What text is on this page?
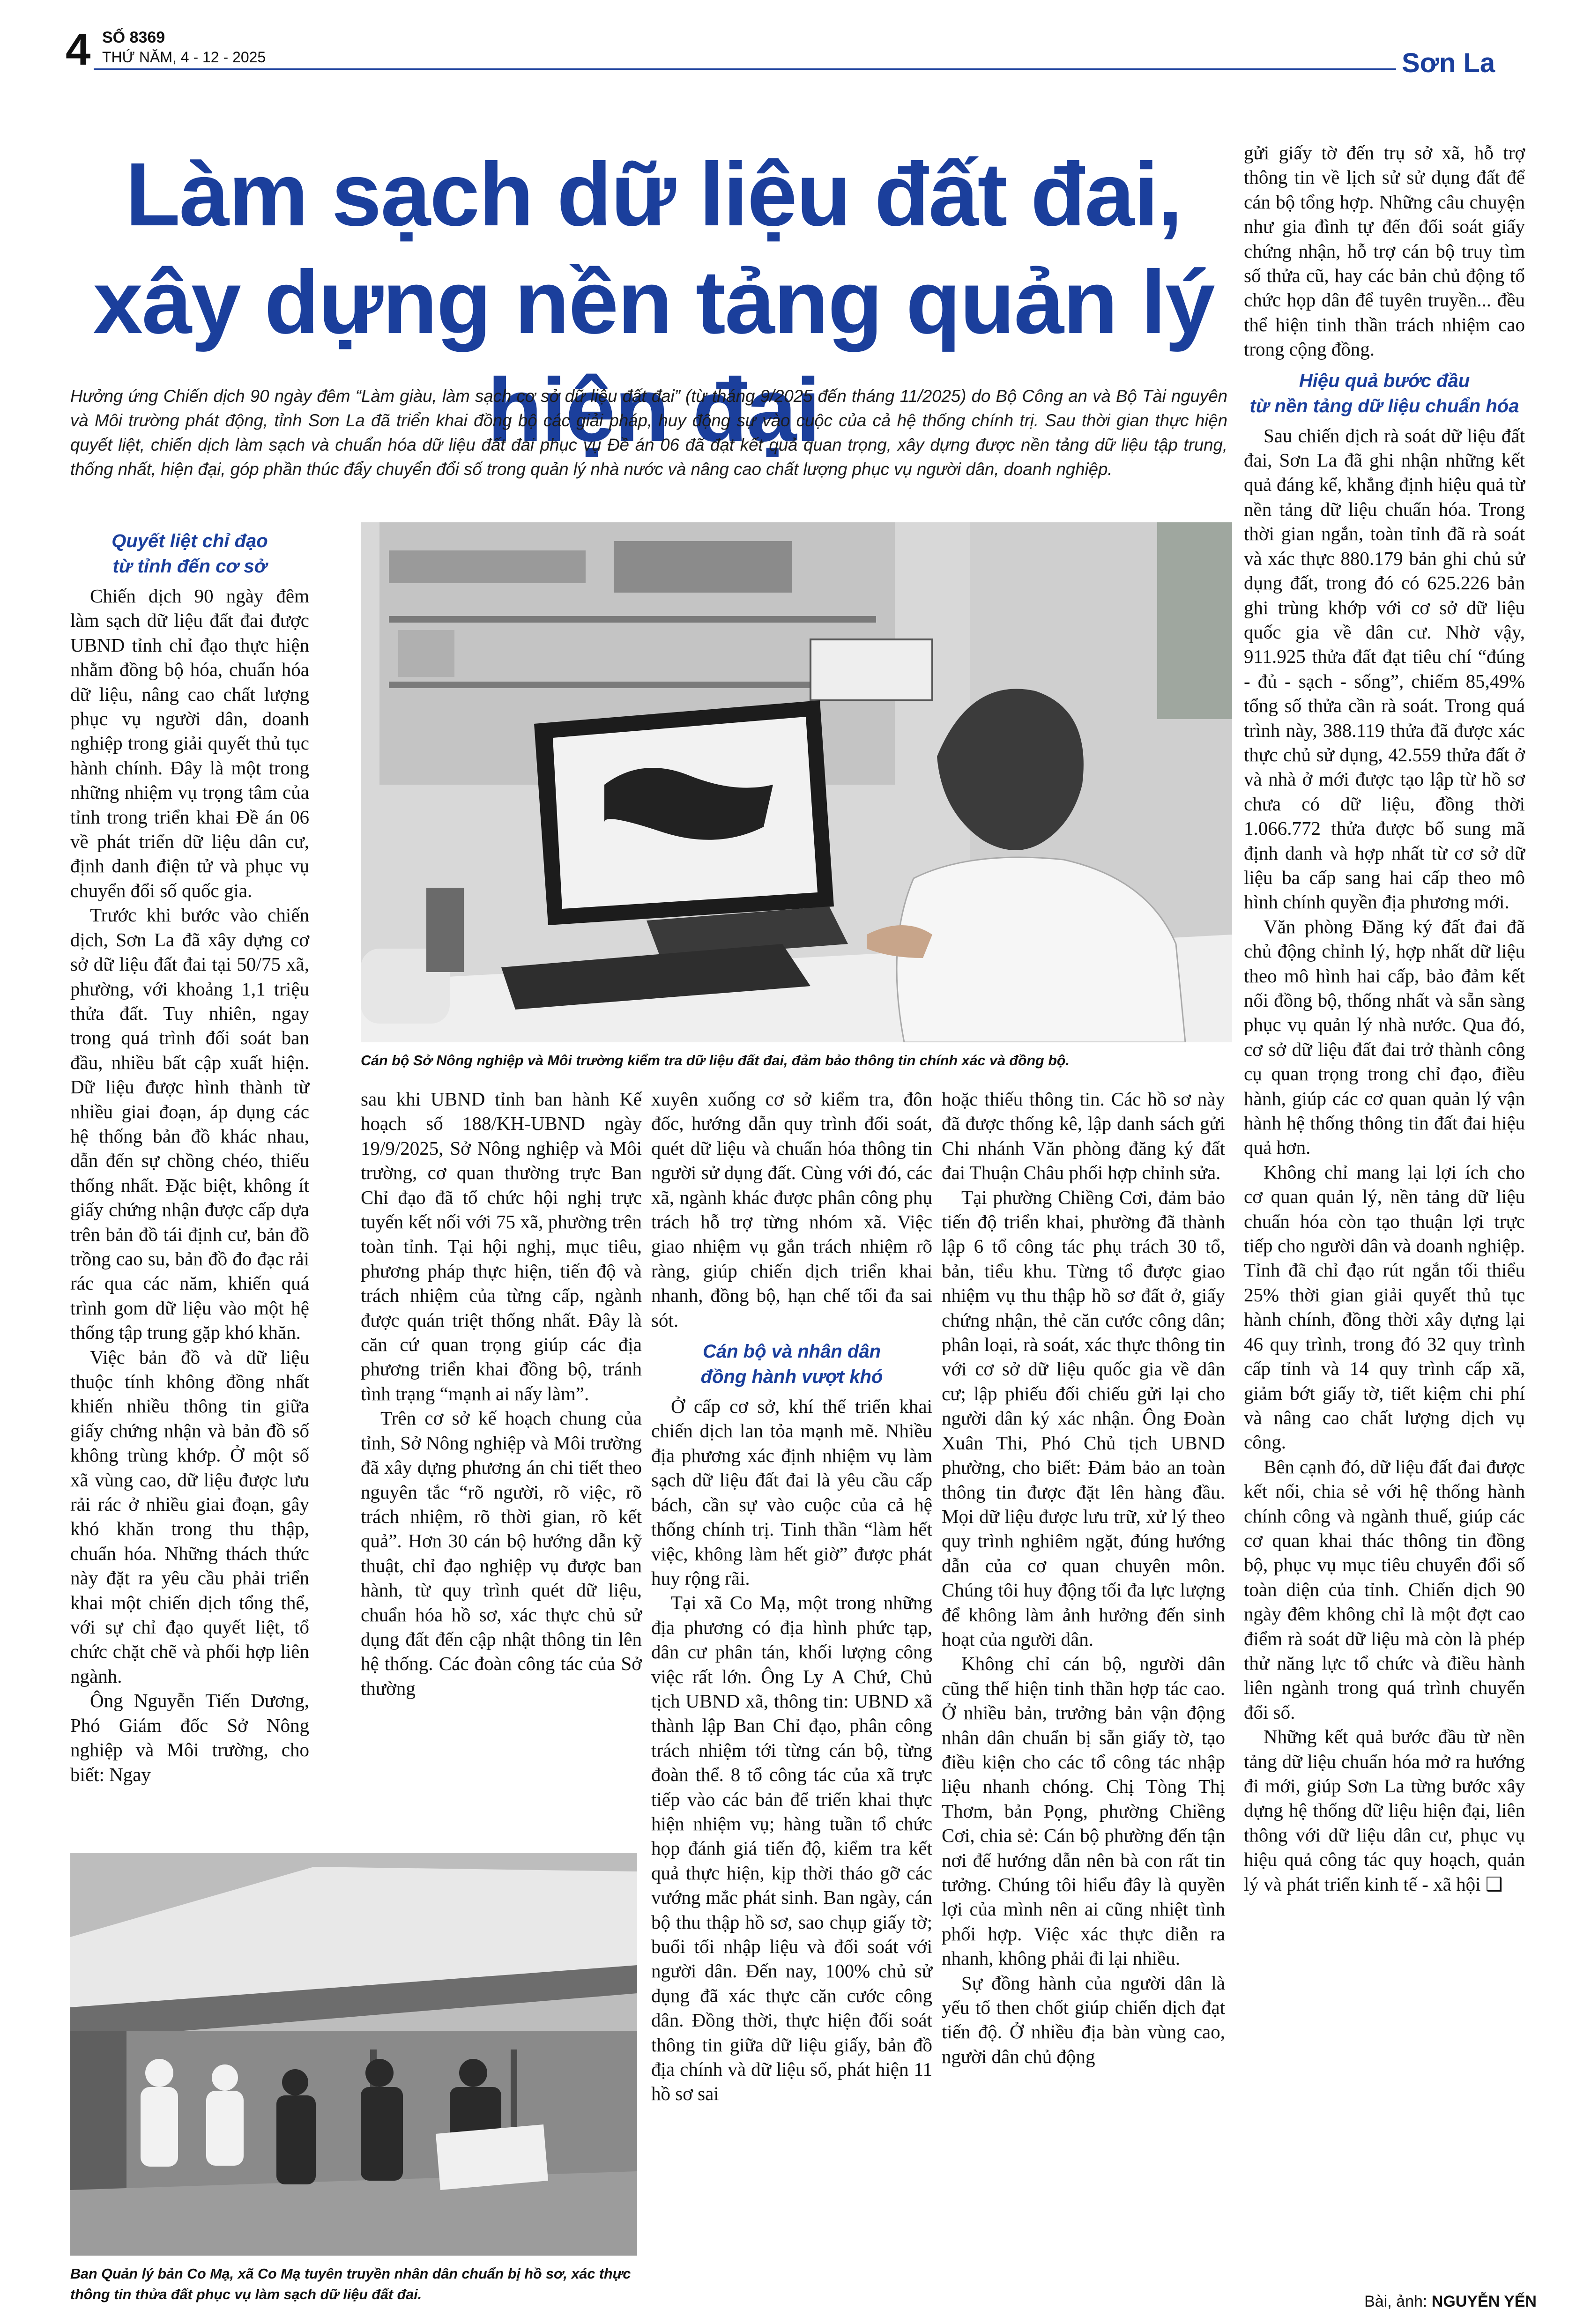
4 SỐ 8369
THỨ NĂM, 4 - 12 - 2025	Sơn La
Làm sạch dữ liệu đất đai,
xây dựng nền tảng quản lý hiện đại
Hưởng ứng Chiến dịch 90 ngày đêm “Làm giàu, làm sạch cơ sở dữ liệu đất đai” (từ tháng 9/2025 đến tháng 11/2025) do Bộ Công an và Bộ Tài nguyên và Môi trường phát động, tỉnh Sơn La đã triển khai đồng bộ các giải pháp, huy động sự vào cuộc của cả hệ thống chính trị. Sau thời gian thực hiện quyết liệt, chiến dịch làm sạch và chuẩn hóa dữ liệu đất đai phục vụ Đề án 06 đã đạt kết quả quan trọng, xây dựng được nền tảng dữ liệu tập trung, thống nhất, hiện đại, góp phần thúc đẩy chuyển đổi số trong quản lý nhà nước và nâng cao chất lượng phục vụ người dân, doanh nghiệp.
Quyết liệt chỉ đạo
từ tỉnh đến cơ sở

Chiến dịch 90 ngày đêm làm sạch dữ liệu đất đai được UBND tỉnh chỉ đạo thực hiện nhằm đồng bộ hóa, chuẩn hóa dữ liệu, nâng cao chất lượng phục vụ người dân, doanh nghiệp trong giải quyết thủ tục hành chính. Đây là một trong những nhiệm vụ trọng tâm của tỉnh trong triển khai Đề án 06 về phát triển dữ liệu dân cư, định danh điện tử và phục vụ chuyển đổi số quốc gia.

Trước khi bước vào chiến dịch, Sơn La đã xây dựng cơ sở dữ liệu đất đai tại 50/75 xã, phường, với khoảng 1,1 triệu thửa đất. Tuy nhiên, ngay trong quá trình đối soát ban đầu, nhiều bất cập xuất hiện. Dữ liệu được hình thành từ nhiều giai đoạn, áp dụng các hệ thống bản đồ khác nhau, dẫn đến sự chồng chéo, thiếu thống nhất. Đặc biệt, không ít giấy chứng nhận được cấp dựa trên bản đồ tái định cư, bản đồ trồng cao su, bản đồ đo đạc rải rác qua các năm, khiến quá trình gom dữ liệu vào một hệ thống tập trung gặp khó khăn.

Việc bản đồ và dữ liệu thuộc tính không đồng nhất khiến nhiều thông tin giữa giấy chứng nhận và bản đồ số không trùng khớp. Ở một số xã vùng cao, dữ liệu được lưu rải rác ở nhiều giai đoạn, gây khó khăn trong thu thập, chuẩn hóa. Những thách thức này đặt ra yêu cầu phải triển khai một chiến dịch tổng thể, với sự chỉ đạo quyết liệt, tổ chức chặt chẽ và phối hợp liên ngành.

Ông Nguyễn Tiến Dương, Phó Giám đốc Sở Nông nghiệp và Môi trường, cho biết: Ngay

Cán bộ Sở Nông nghiệp và Môi trường kiểm tra dữ liệu đất đai, đảm bảo thông tin chính xác và đồng bộ.

sau khi UBND tỉnh ban hành Kế hoạch số 188/KH-UBND ngày 19/9/2025, Sở Nông nghiệp và Môi trường, cơ quan thường trực Ban Chỉ đạo đã tổ chức hội nghị trực tuyến kết nối với 75 xã, phường trên toàn tỉnh. Tại hội nghị, mục tiêu, phương pháp thực hiện, tiến độ và trách nhiệm của từng cấp, ngành được quán triệt thống nhất. Đây là căn cứ quan trọng giúp các địa phương triển khai đồng bộ, tránh tình trạng “mạnh ai nấy làm”.

Trên cơ sở kế hoạch chung của tỉnh, Sở Nông nghiệp và Môi trường đã xây dựng phương án chi tiết theo nguyên tắc “rõ người, rõ việc, rõ trách nhiệm, rõ thời gian, rõ kết quả”. Hơn 30 cán bộ hướng dẫn kỹ thuật, chỉ đạo nghiệp vụ được ban hành, từ quy trình quét dữ liệu, chuẩn hóa hồ sơ, xác thực chủ sử dụng đất đến cập nhật thông tin lên hệ thống. Các đoàn công tác của Sở thường

xuyên xuống cơ sở kiểm tra, đôn đốc, hướng dẫn quy trình đối soát, quét dữ liệu và chuẩn hóa thông tin người sử dụng đất. Cùng với đó, các xã, ngành khác được phân công phụ trách hỗ trợ từng nhóm xã. Việc giao nhiệm vụ gắn trách nhiệm rõ ràng, giúp chiến dịch triển khai nhanh, đồng bộ, hạn chế tối đa sai sót.

Cán bộ và nhân dân
đồng hành vượt khó

Ở cấp cơ sở, khí thế triển khai chiến dịch lan tỏa mạnh mẽ. Nhiều địa phương xác định nhiệm vụ làm sạch dữ liệu đất đai là yêu cầu cấp bách, cần sự vào cuộc của cả hệ thống chính trị. Tinh thần “làm hết việc, không làm hết giờ” được phát huy rộng rãi.

Tại xã Co Mạ, một trong những địa phương có địa hình phức tạp, dân cư phân tán, khối lượng công việc rất lớn. Ông Ly A Chứ, Chủ tịch UBND xã, thông tin: UBND xã thành lập Ban Chỉ đạo, phân công trách nhiệm tới từng cán bộ, từng đoàn thể. 8 tổ công tác của xã trực tiếp vào các bản để triển khai thực hiện nhiệm vụ; hàng tuần tổ chức họp đánh giá tiến độ, kiểm tra kết quả thực hiện, kịp thời tháo gỡ các vướng mắc phát sinh. Ban ngày, cán bộ thu thập hồ sơ, sao chụp giấy tờ; buổi tối nhập liệu và đối soát với người dân. Đến nay, 100% chủ sử dụng đã xác thực căn cước công dân. Đồng thời, thực hiện đối soát thông tin giữa dữ liệu giấy, bản đồ địa chính và dữ liệu số, phát hiện 11 hồ sơ sai

hoặc thiếu thông tin. Các hồ sơ này đã được thống kê, lập danh sách gửi Chi nhánh Văn phòng đăng ký đất đai Thuận Châu phối hợp chỉnh sửa.

Tại phường Chiềng Cơi, đảm bảo tiến độ triển khai, phường đã thành lập 6 tổ công tác phụ trách 30 tổ, bản, tiểu khu. Từng tổ được giao nhiệm vụ thu thập hồ sơ đất ở, giấy chứng nhận, thẻ căn cước công dân; phân loại, rà soát, xác thực thông tin với cơ sở dữ liệu quốc gia về dân cư; lập phiếu đối chiếu gửi lại cho người dân ký xác nhận. Ông Đoàn Xuân Thi, Phó Chủ tịch UBND phường, cho biết: Đảm bảo an toàn thông tin được đặt lên hàng đầu. Mọi dữ liệu được lưu trữ, xử lý theo quy trình nghiêm ngặt, đúng hướng dẫn của cơ quan chuyên môn. Chúng tôi huy động tối đa lực lượng để không làm ảnh hưởng đến sinh hoạt của người dân.

Không chỉ cán bộ, người dân cũng thể hiện tinh thần hợp tác cao. Ở nhiều bản, trưởng bản vận động nhân dân chuẩn bị sẵn giấy tờ, tạo điều kiện cho các tổ công tác nhập liệu nhanh chóng. Chị Tòng Thị Thơm, bản Pọng, phường Chiềng Cơi, chia sẻ: Cán bộ phường đến tận nơi để hướng dẫn nên bà con rất tin tưởng. Chúng tôi hiểu đây là quyền lợi của mình nên ai cũng nhiệt tình phối hợp. Việc xác thực diễn ra nhanh, không phải đi lại nhiều.

Sự đồng hành của người dân là yếu tố then chốt giúp chiến dịch đạt tiến độ. Ở nhiều địa bàn vùng cao, người dân chủ động

gửi giấy tờ đến trụ sở xã, hỗ trợ thông tin về lịch sử sử dụng đất để cán bộ tổng hợp. Những câu chuyện như gia đình tự đến đối soát giấy chứng nhận, hỗ trợ cán bộ truy tìm số thửa cũ, hay các bản chủ động tổ chức họp dân để tuyên truyền... đều thể hiện tinh thần trách nhiệm cao trong cộng đồng.

Hiệu quả bước đầu
từ nền tảng dữ liệu chuẩn hóa

Sau chiến dịch rà soát dữ liệu đất đai, Sơn La đã ghi nhận những kết quả đáng kể, khẳng định hiệu quả từ nền tảng dữ liệu chuẩn hóa. Trong thời gian ngắn, toàn tỉnh đã rà soát và xác thực 880.179 bản ghi chủ sử dụng đất, trong đó có 625.226 bản ghi trùng khớp với cơ sở dữ liệu quốc gia về dân cư. Nhờ vậy, 911.925 thửa đất đạt tiêu chí “đúng - đủ - sạch - sống”, chiếm 85,49% tổng số thửa cần rà soát. Trong quá trình này, 388.119 thửa đã được xác thực chủ sử dụng, 42.559 thửa đất ở và nhà ở mới được tạo lập từ hồ sơ chưa có dữ liệu, đồng thời 1.066.772 thửa được bổ sung mã định danh và hợp nhất từ cơ sở dữ liệu ba cấp sang hai cấp theo mô hình chính quyền địa phương mới.

Văn phòng Đăng ký đất đai đã chủ động chỉnh lý, hợp nhất dữ liệu theo mô hình hai cấp, bảo đảm kết nối đồng bộ, thống nhất và sẵn sàng phục vụ quản lý nhà nước. Qua đó, cơ sở dữ liệu đất đai trở thành công cụ quan trọng trong chỉ đạo, điều hành, giúp các cơ quan quản lý vận hành hệ thống thông tin đất đai hiệu quả hơn.

Không chỉ mang lại lợi ích cho cơ quan quản lý, nền tảng dữ liệu chuẩn hóa còn tạo thuận lợi trực tiếp cho người dân và doanh nghiệp. Tỉnh đã chỉ đạo rút ngắn tối thiểu 25% thời gian giải quyết thủ tục hành chính, đồng thời xây dựng lại 46 quy trình, trong đó 32 quy trình cấp tỉnh và 14 quy trình cấp xã, giảm bớt giấy tờ, tiết kiệm chi phí và nâng cao chất lượng dịch vụ công.

Bên cạnh đó, dữ liệu đất đai được kết nối, chia sẻ với hệ thống hành chính công và ngành thuế, giúp các cơ quan khai thác thông tin đồng bộ, phục vụ mục tiêu chuyển đổi số toàn diện của tỉnh. Chiến dịch 90 ngày đêm không chỉ là một đợt cao điểm rà soát dữ liệu mà còn là phép thử năng lực tổ chức và điều hành liên ngành trong quá trình chuyển đổi số.

Những kết quả bước đầu từ nền tảng dữ liệu chuẩn hóa mở ra hướng đi mới, giúp Sơn La từng bước xây dựng hệ thống dữ liệu hiện đại, liên thông với dữ liệu dân cư, phục vụ hiệu quả công tác quy hoạch, quản lý và phát triển kinh tế - xã hội ❑

Ban Quản lý bản Co Mạ, xã Co Mạ tuyên truyền nhân dân chuẩn bị hồ sơ, xác thực thông tin thửa đất phục vụ làm sạch dữ liệu đất đai.	Bài, ảnh: NGUYỄN YẾN
